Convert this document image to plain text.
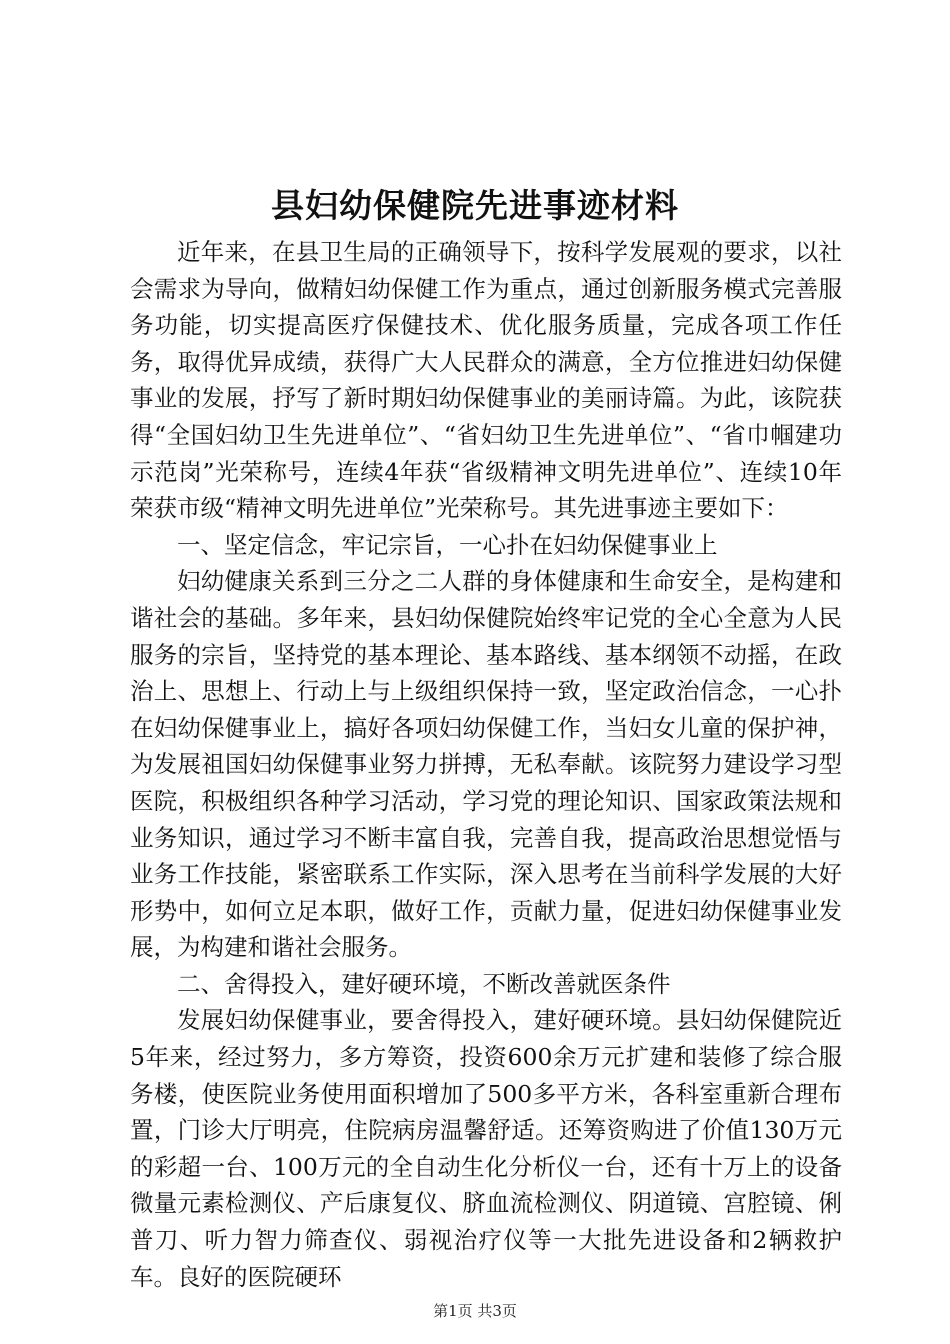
县妇幼保健院先进事迹材料

近年来，在县卫生局的正确领导下，按科学发展观的要求，以社会需求为导向，做精妇幼保健工作为重点，通过创新服务模式完善服务功能，切实提高医疗保健技术、优化服务质量，完成各项工作任务，取得优异成绩，获得广大人民群众的满意，全方位推进妇幼保健事业的发展，抒写了新时期妇幼保健事业的美丽诗篇。为此，该院获得“全国妇幼卫生先进单位”、“省妇幼卫生先进单位”、“省巾帼建功示范岗”光荣称号，连续4年获“省级精神文明先进单位”、连续10年荣获市级“精神文明先进单位”光荣称号。其先进事迹主要如下：

一、坚定信念，牢记宗旨，一心扑在妇幼保健事业上

妇幼健康关系到三分之二人群的身体健康和生命安全，是构建和谐社会的基础。多年来，县妇幼保健院始终牢记党的全心全意为人民服务的宗旨，坚持党的基本理论、基本路线、基本纲领不动摇，在政治上、思想上、行动上与上级组织保持一致，坚定政治信念，一心扑在妇幼保健事业上，搞好各项妇幼保健工作，当妇女儿童的保护神，为发展祖国妇幼保健事业努力拼搏，无私奉献。该院努力建设学习型医院，积极组织各种学习活动，学习党的理论知识、国家政策法规和业务知识，通过学习不断丰富自我，完善自我，提高政治思想觉悟与业务工作技能，紧密联系工作实际，深入思考在当前科学发展的大好形势中，如何立足本职，做好工作，贡献力量，促进妇幼保健事业发展，为构建和谐社会服务。

二、舍得投入，建好硬环境，不断改善就医条件

发展妇幼保健事业，要舍得投入，建好硬环境。县妇幼保健院近5年来，经过努力，多方筹资，投资600余万元扩建和装修了综合服务楼，使医院业务使用面积增加了500多平方米，各科室重新合理布置，门诊大厅明亮，住院病房温馨舒适。还筹资购进了价值130万元的彩超一台、100万元的全自动生化分析仪一台，还有十万上的设备微量元素检测仪、产后康复仪、脐血流检测仪、阴道镜、宫腔镜、俐普刀、听力智力筛查仪、弱视治疗仪等一大批先进设备和2辆救护车。良好的医院硬环

第1页 共3页
